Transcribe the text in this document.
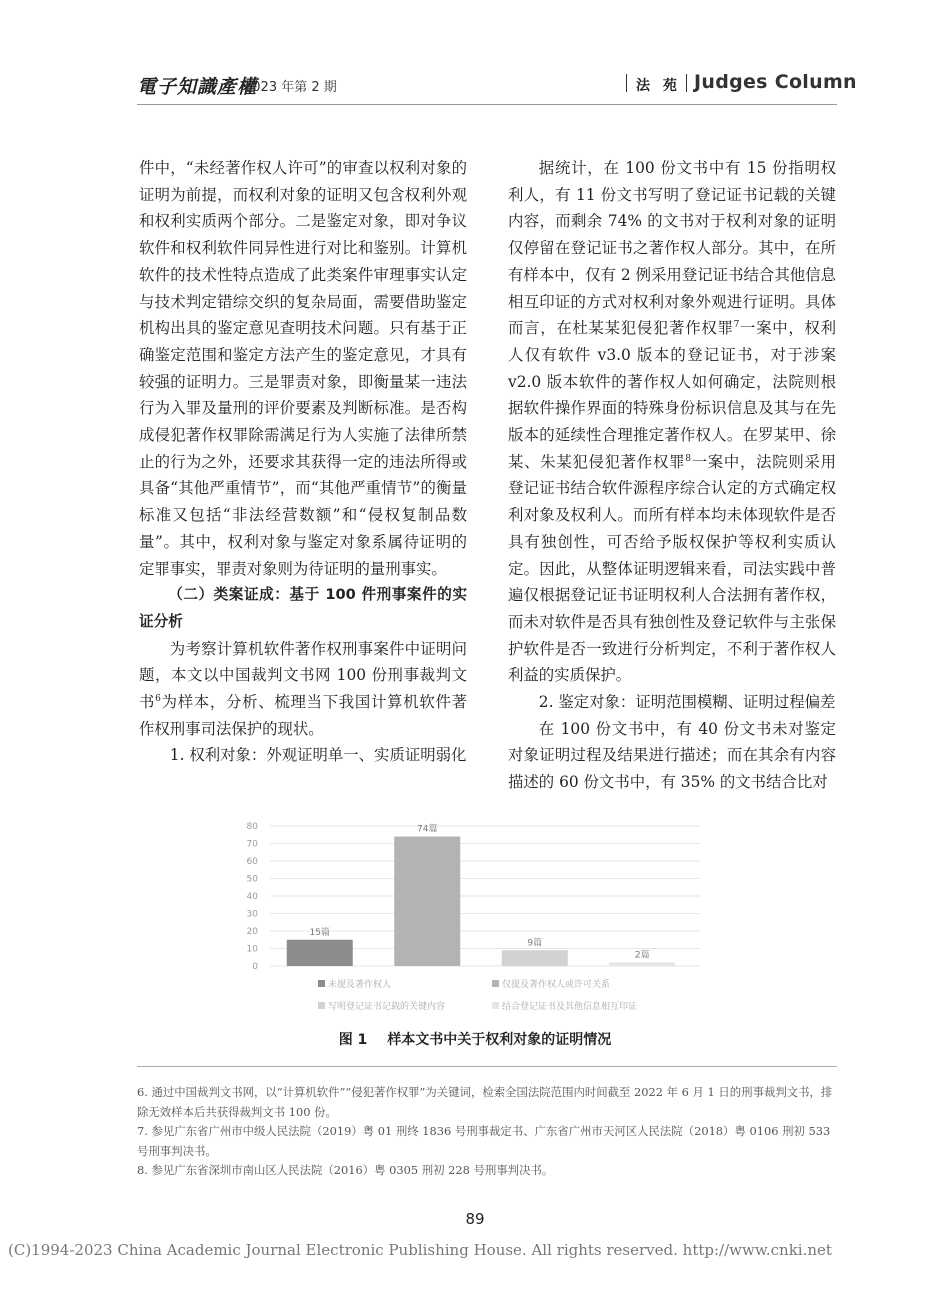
電子知識產權
2023 年第 2 期	法 苑 Judges Column

件中，“未经著作权人许可”的审查以权利对象的证明为前提，而权利对象的证明又包含权利外观和权利实质两个部分。二是鉴定对象，即对争议软件和权利软件同异性进行对比和鉴别。计算机软件的技术性特点造成了此类案件审理事实认定与技术判定错综交织的复杂局面，需要借助鉴定机构出具的鉴定意见查明技术问题。只有基于正确鉴定范围和鉴定方法产生的鉴定意见，才具有较强的证明力。三是罪责对象，即衡量某一违法行为入罪及量刑的评价要素及判断标准。是否构成侵犯著作权罪除需满足行为人实施了法律所禁止的行为之外，还要求其获得一定的违法所得或具备“其他严重情节”，而“其他严重情节”的衡量标准又包括“非法经营数额”和“侵权复制品数量”。其中，权利对象与鉴定对象系属待证明的定罪事实，罪责对象则为待证明的量刑事实。

（二）类案证成：基于 100 件刑事案件的实证分析

为考察计算机软件著作权刑事案件中证明问题，本文以中国裁判文书网 100 份刑事裁判文书$^6$为样本，分析、梳理当下我国计算机软件著作权刑事司法保护的现状。

1. 权利对象：外观证明单一、实质证明弱化

据统计，在 100 份文书中有 15 份指明权利人，有 11 份文书写明了登记证书记载的关键内容，而剩余 74% 的文书对于权利对象的证明仅停留在登记证书之著作权人部分。其中，在所有样本中，仅有 2 例采用登记证书结合其他信息相互印证的方式对权利对象外观进行证明。具体而言，在杜某某犯侵犯著作权罪$^7$一案中，权利人仅有软件 v3.0 版本的登记证书，对于涉案 v2.0 版本软件的著作权人如何确定，法院则根据软件操作界面的特殊身份标识信息及其与在先版本的延续性合理推定著作权人。在罗某甲、徐某、朱某犯侵犯著作权罪$^8$一案中，法院则采用登记证书结合软件源程序综合认定的方式确定权利对象及权利人。而所有样本均未体现软件是否具有独创性，可否给予版权保护等权利实质认定。因此，从整体证明逻辑来看，司法实践中普遍仅根据登记证书证明权利人合法拥有著作权，而未对软件是否具有独创性及登记软件与主张保护软件是否一致进行分析判定，不利于著作权人利益的实质保护。

2. 鉴定对象：证明范围模糊、证明过程偏差

在 100 份文书中，有 40 份文书未对鉴定对象证明过程及结果进行描述；而在其余有内容描述的 60 份文书中，有 35% 的文书结合比对

0
10
20
30
40
50
60
70
80
15篇
74篇
9篇
2篇
未提及著作权人	仅提及著作权人或许可关系
写明登记证书记载的关键内容	结合登记证书及其他信息相互印证
图 1 样本文书中关于权利对象的证明情况

6. 通过中国裁判文书网，以“计算机软件”“侵犯著作权罪”为关键词，检索全国法院范围内时间截至 2022 年 6 月 1 日的刑事裁判文书，排除无效样本后共获得裁判文书 100 份。

7. 参见广东省广州市中级人民法院（2019）粤 01 刑终 1836 号刑事裁定书、广东省广州市天河区人民法院（2018）粤 0106 刑初 533 号刑事判决书。

8. 参见广东省深圳市南山区人民法院（2016）粤 0305 刑初 228 号刑事判决书。

89
(C)1994-2023 China Academic Journal Electronic Publishing House. All rights reserved. http://www.cnki.net
